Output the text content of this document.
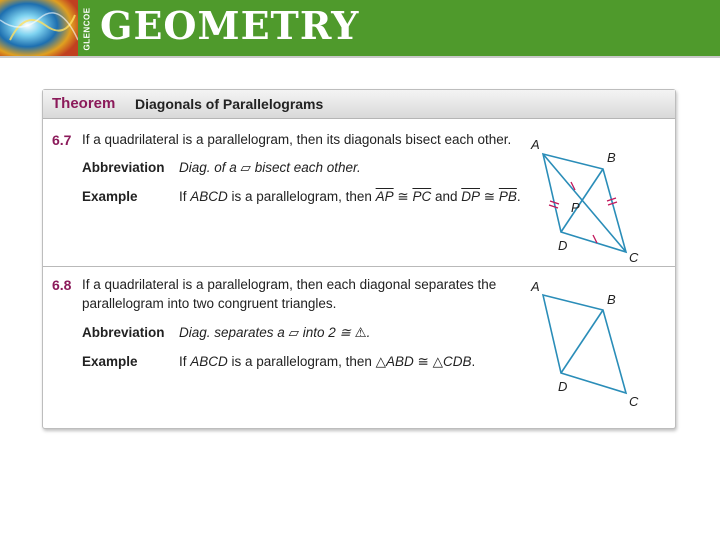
GLENCOE GEOMETRY
Theorem Diagonals of Parallelograms
6.7 If a quadrilateral is a parallelogram, then its diagonals bisect each other.
Abbreviation Diag. of a ▱ bisect each other.
Example	If ABCD is a parallelogram, then $\overline{AP}$ ≅ $\overline{PC}$ and $\overline{DP}$ ≅ $\overline{PB}$.
A
B
C
D
P
6.8 If a quadrilateral is a parallelogram, then each diagonal separates the
parallelogram into two congruent triangles.
Abbreviation Diag. separates a ▱ into 2 ≅ ⚠.
Example	If ABCD is a parallelogram, then △ABD ≅ △CDB.
A
B
C
D
